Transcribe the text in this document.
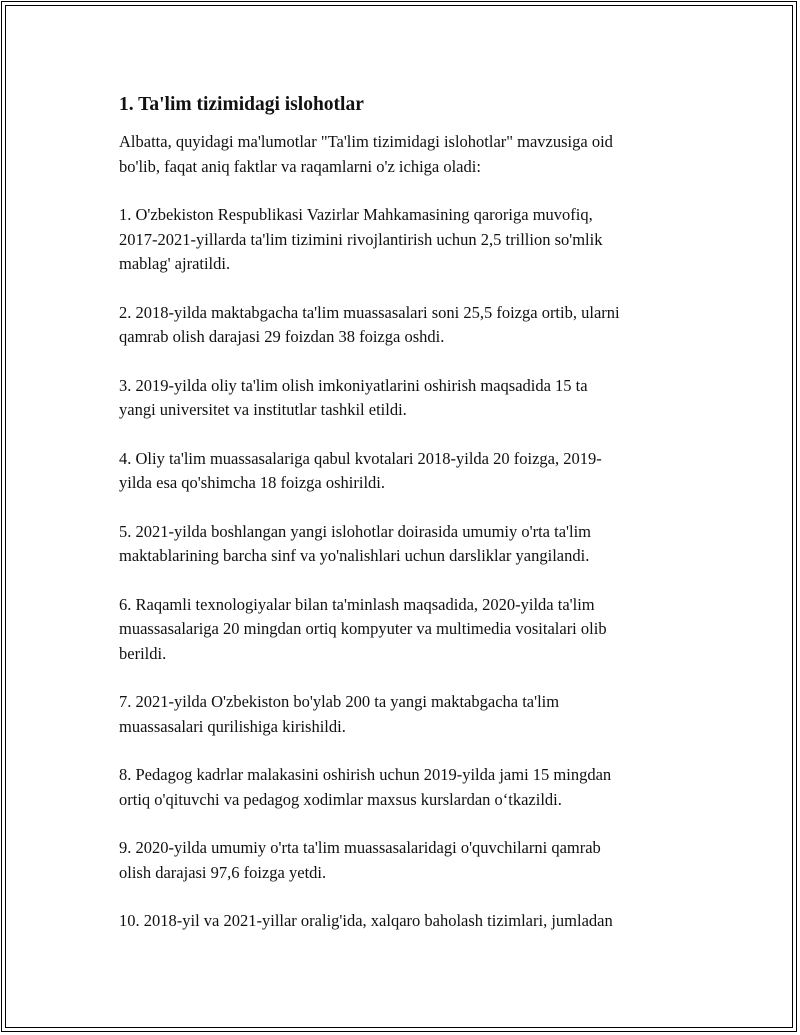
1. Ta'lim tizimidagi islohotlar
Albatta, quyidagi ma'lumotlar "Ta'lim tizimidagi islohotlar" mavzusiga oid
bo'lib, faqat aniq faktlar va raqamlarni o'z ichiga oladi:
1. O'zbekiston Respublikasi Vazirlar Mahkamasining qaroriga muvofiq,
2017-2021-yillarda ta'lim tizimini rivojlantirish uchun 2,5 trillion so'mlik
mablag' ajratildi.
2. 2018-yilda maktabgacha ta'lim muassasalari soni 25,5 foizga ortib, ularni
qamrab olish darajasi 29 foizdan 38 foizga oshdi.
3. 2019-yilda oliy ta'lim olish imkoniyatlarini oshirish maqsadida 15 ta
yangi universitet va institutlar tashkil etildi.
4. Oliy ta'lim muassasalariga qabul kvotalari 2018-yilda 20 foizga, 2019-
yilda esa qo'shimcha 18 foizga oshirildi.
5. 2021-yilda boshlangan yangi islohotlar doirasida umumiy o'rta ta'lim
maktablarining barcha sinf va yo'nalishlari uchun darsliklar yangilandi.
6. Raqamli texnologiyalar bilan ta'minlash maqsadida, 2020-yilda ta'lim
muassasalariga 20 mingdan ortiq kompyuter va multimedia vositalari olib
berildi.
7. 2021-yilda O'zbekiston bo'ylab 200 ta yangi maktabgacha ta'lim
muassasalari qurilishiga kirishildi.
8. Pedagog kadrlar malakasini oshirish uchun 2019-yilda jami 15 mingdan
ortiq o'qituvchi va pedagog xodimlar maxsus kurslardan o‘tkazildi.
9. 2020-yilda umumiy o'rta ta'lim muassasalaridagi o'quvchilarni qamrab
olish darajasi 97,6 foizga yetdi.
10. 2018-yil va 2021-yillar oralig'ida, xalqaro baholash tizimlari, jumladan
